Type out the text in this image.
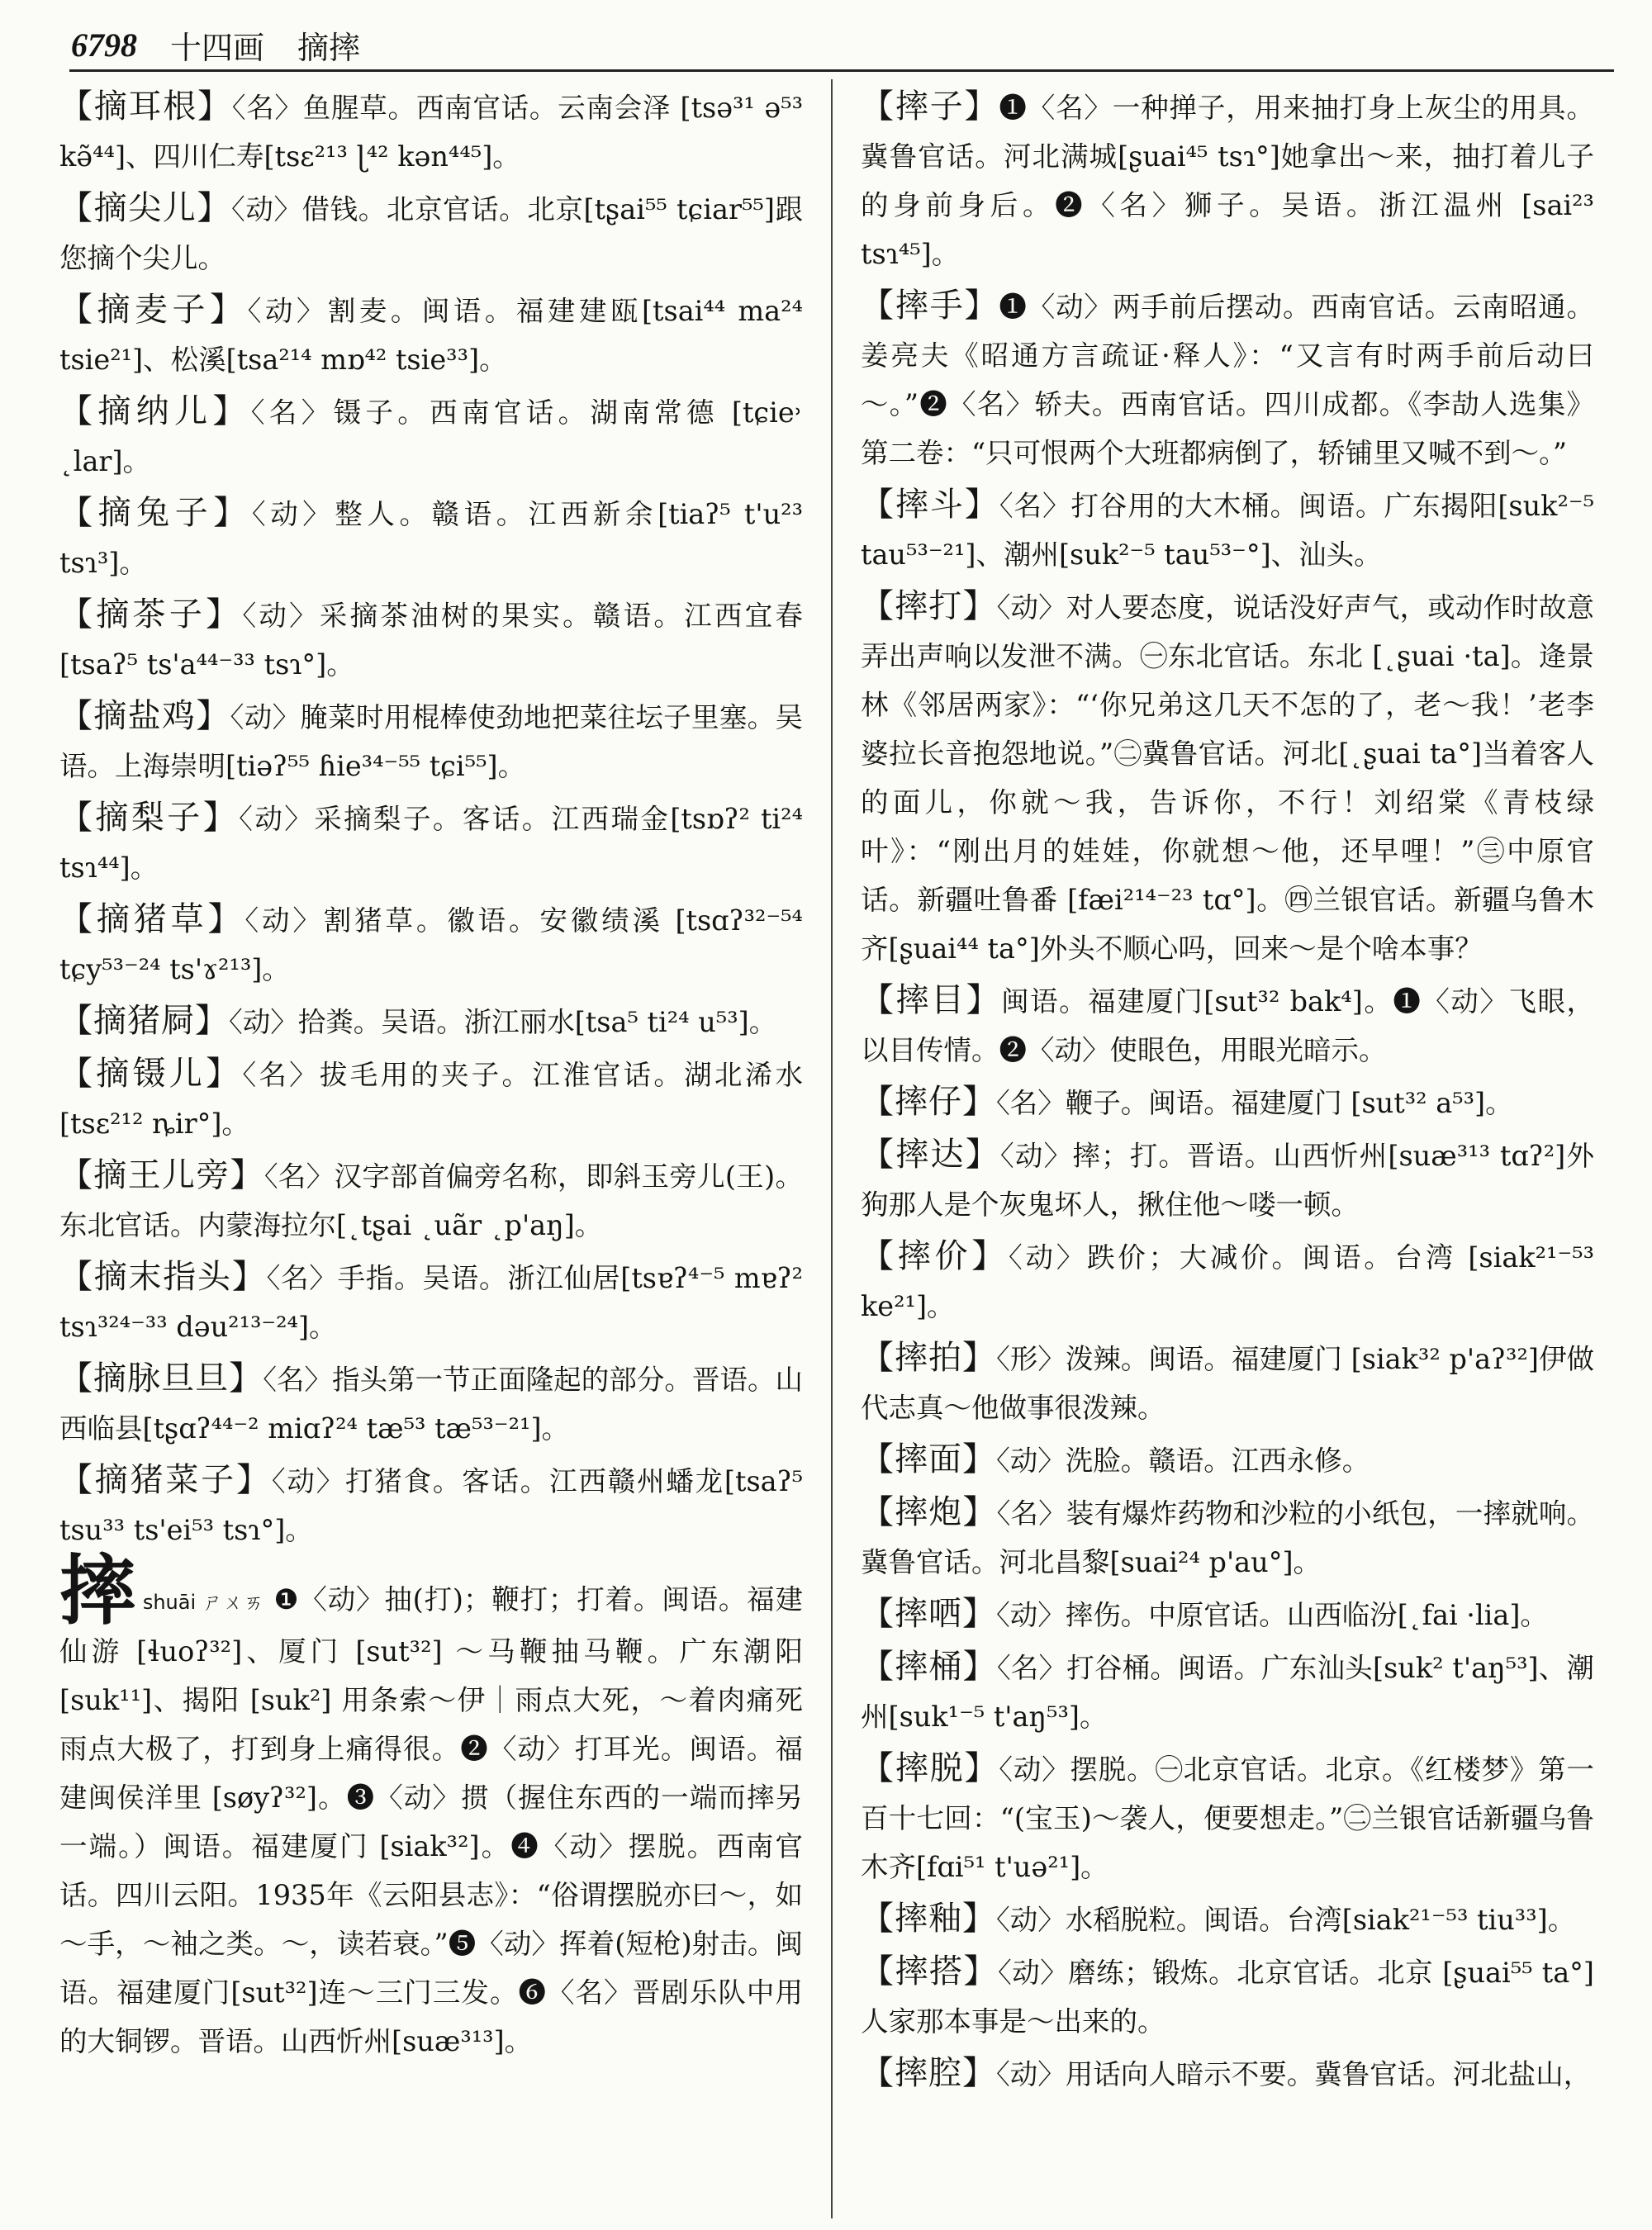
6798 十四画 摘摔
【摘耳根】〈名〉鱼腥草。西南官话。云南会泽 [tsə³¹ ə⁵³ kə̃⁴⁴]、四川仁寿[tsɛ²¹³ ɭ⁴² kən⁴⁴⁵]。
【摘尖儿】〈动〉借钱。北京官话。北京[tʂai⁵⁵ tɕiar⁵⁵]跟您摘个尖儿。
【摘麦子】〈动〉割麦。闽语。福建建瓯[tsai⁴⁴ ma²⁴ tsie²¹]、松溪[tsa²¹⁴ mɒ⁴² tsie³³]。
【摘纳儿】〈名〉镊子。西南官话。湖南常德 [tɕie˒ ˛lar]。
【摘兔子】〈动〉整人。赣语。江西新余[tiaʔ⁵ t'u²³ tsɿ³]。
【摘茶子】〈动〉采摘茶油树的果实。赣语。江西宜春 [tsaʔ⁵ ts'a⁴⁴⁻³³ tsɿ°]。
【摘盐鸡】〈动〉腌菜时用棍棒使劲地把菜往坛子里塞。吴语。上海崇明[tiəʔ⁵⁵ ɦie³⁴⁻⁵⁵ tɕi⁵⁵]。
【摘梨子】〈动〉采摘梨子。客话。江西瑞金[tsɒʔ² ti²⁴ tsɿ⁴⁴]。
【摘猪草】〈动〉割猪草。徽语。安徽绩溪 [tsɑʔ³²⁻⁵⁴ tɕy⁵³⁻²⁴ ts'ɤ²¹³]。
【摘猪屙】〈动〉拾粪。吴语。浙江丽水[tsa⁵ ti²⁴ u⁵³]。
【摘镊儿】〈名〉拔毛用的夹子。江淮官话。湖北浠水 [tsɛ²¹² ȵir°]。
【摘王儿旁】〈名〉汉字部首偏旁名称，即斜玉旁儿(王)。东北官话。内蒙海拉尔[˛tʂai ˛uãr ˛p'aŋ]。
【摘末指头】〈名〉手指。吴语。浙江仙居[tsɐʔ⁴⁻⁵ mɐʔ² tsɿ³²⁴⁻³³ dəu²¹³⁻²⁴]。
【摘脉旦旦】〈名〉指头第一节正面隆起的部分。晋语。山西临县[tʂɑʔ⁴⁴⁻² miɑʔ²⁴ tæ⁵³ tæ⁵³⁻²¹]。
【摘猪菜子】〈动〉打猪食。客话。江西赣州蟠龙[tsaʔ⁵ tsu³³ ts'ei⁵³ tsɿ°]。
摔shuāi ㄕㄨㄞ ❶〈动〉抽(打)；鞭打；打着。闽语。福建仙游 [ɬuoʔ³²]、厦门 [sut³²] ～马鞭抽马鞭。广东潮阳 [suk¹¹]、揭阳 [suk²] 用条索～伊｜雨点大死，～着肉痛死雨点大极了，打到身上痛得很。❷〈动〉打耳光。闽语。福建闽侯洋里 [søyʔ³²]。❸〈动〉掼（握住东西的一端而摔另一端。）闽语。福建厦门 [siak³²]。❹〈动〉摆脱。西南官话。四川云阳。1935年《云阳县志》：“俗谓摆脱亦曰～，如～手，～袖之类。～，读若衰。”❺〈动〉挥着(短枪)射击。闽语。福建厦门[sut³²]连～三门三发。❻〈名〉晋剧乐队中用的大铜锣。晋语。山西忻州[suæ³¹³]。
【摔子】❶〈名〉一种掸子，用来抽打身上灰尘的用具。冀鲁官话。河北满城[ʂuai⁴⁵ tsɿ°]她拿出～来，抽打着儿子的身前身后。❷〈名〉狮子。吴语。浙江温州 [sai²³ tsɿ⁴⁵]。
【摔手】❶〈动〉两手前后摆动。西南官话。云南昭通。姜亮夫《昭通方言疏证·释人》：“又言有时两手前后动曰～。”❷〈名〉轿夫。西南官话。四川成都。《李劼人选集》第二卷：“只可恨两个大班都病倒了，轿铺里又喊不到～。”
【摔斗】〈名〉打谷用的大木桶。闽语。广东揭阳[suk²⁻⁵ tau⁵³⁻²¹]、潮州[suk²⁻⁵ tau⁵³⁻°]、汕头。
【摔打】〈动〉对人要态度，说话没好声气，或动作时故意弄出声响以发泄不满。㊀东北官话。东北 [˛ʂuai ·ta]。逄景林《邻居两家》：“‘你兄弟这几天不怎的了，老～我！’老李婆拉长音抱怨地说。”㊁冀鲁官话。河北[˛ʂuai ta°]当着客人的面儿，你就～我，告诉你，不行！刘绍棠《青枝绿叶》：“刚出月的娃娃，你就想～他，还早哩！”㊂中原官话。新疆吐鲁番 [fæi²¹⁴⁻²³ tɑ°]。㊃兰银官话。新疆乌鲁木齐[ʂuai⁴⁴ ta°]外头不顺心吗，回来～是个啥本事？
【摔目】闽语。福建厦门[sut³² bak⁴]。❶〈动〉飞眼，以目传情。❷〈动〉使眼色，用眼光暗示。
【摔仔】〈名〉鞭子。闽语。福建厦门 [sut³² a⁵³]。
【摔达】〈动〉摔；打。晋语。山西忻州[suæ³¹³ tɑʔ²]外狗那人是个灰鬼坏人，揪住他～喽一顿。
【摔价】〈动〉跌价；大减价。闽语。台湾 [siak²¹⁻⁵³ ke²¹]。
【摔拍】〈形〉泼辣。闽语。福建厦门 [siak³² p'aʔ³²]伊做代志真～他做事很泼辣。
【摔面】〈动〉洗脸。赣语。江西永修。
【摔炮】〈名〉装有爆炸药物和沙粒的小纸包，一摔就响。冀鲁官话。河北昌黎[suai²⁴ p'au°]。
【摔哂】〈动〉摔伤。中原官话。山西临汾[˛fai ·lia]。
【摔桶】〈名〉打谷桶。闽语。广东汕头[suk² t'aŋ⁵³]、潮州[suk¹⁻⁵ t'aŋ⁵³]。
【摔脱】〈动〉摆脱。㊀北京官话。北京。《红楼梦》第一百十七回：“(宝玉)～袭人，便要想走。”㊁兰银官话新疆乌鲁木齐[fɑi⁵¹ t'uə²¹]。
【摔釉】〈动〉水稻脱粒。闽语。台湾[siak²¹⁻⁵³ tiu³³]。
【摔搭】〈动〉磨练；锻炼。北京官话。北京 [ʂuai⁵⁵ ta°]人家那本事是～出来的。
【摔腔】〈动〉用话向人暗示不要。冀鲁官话。河北盐山，
